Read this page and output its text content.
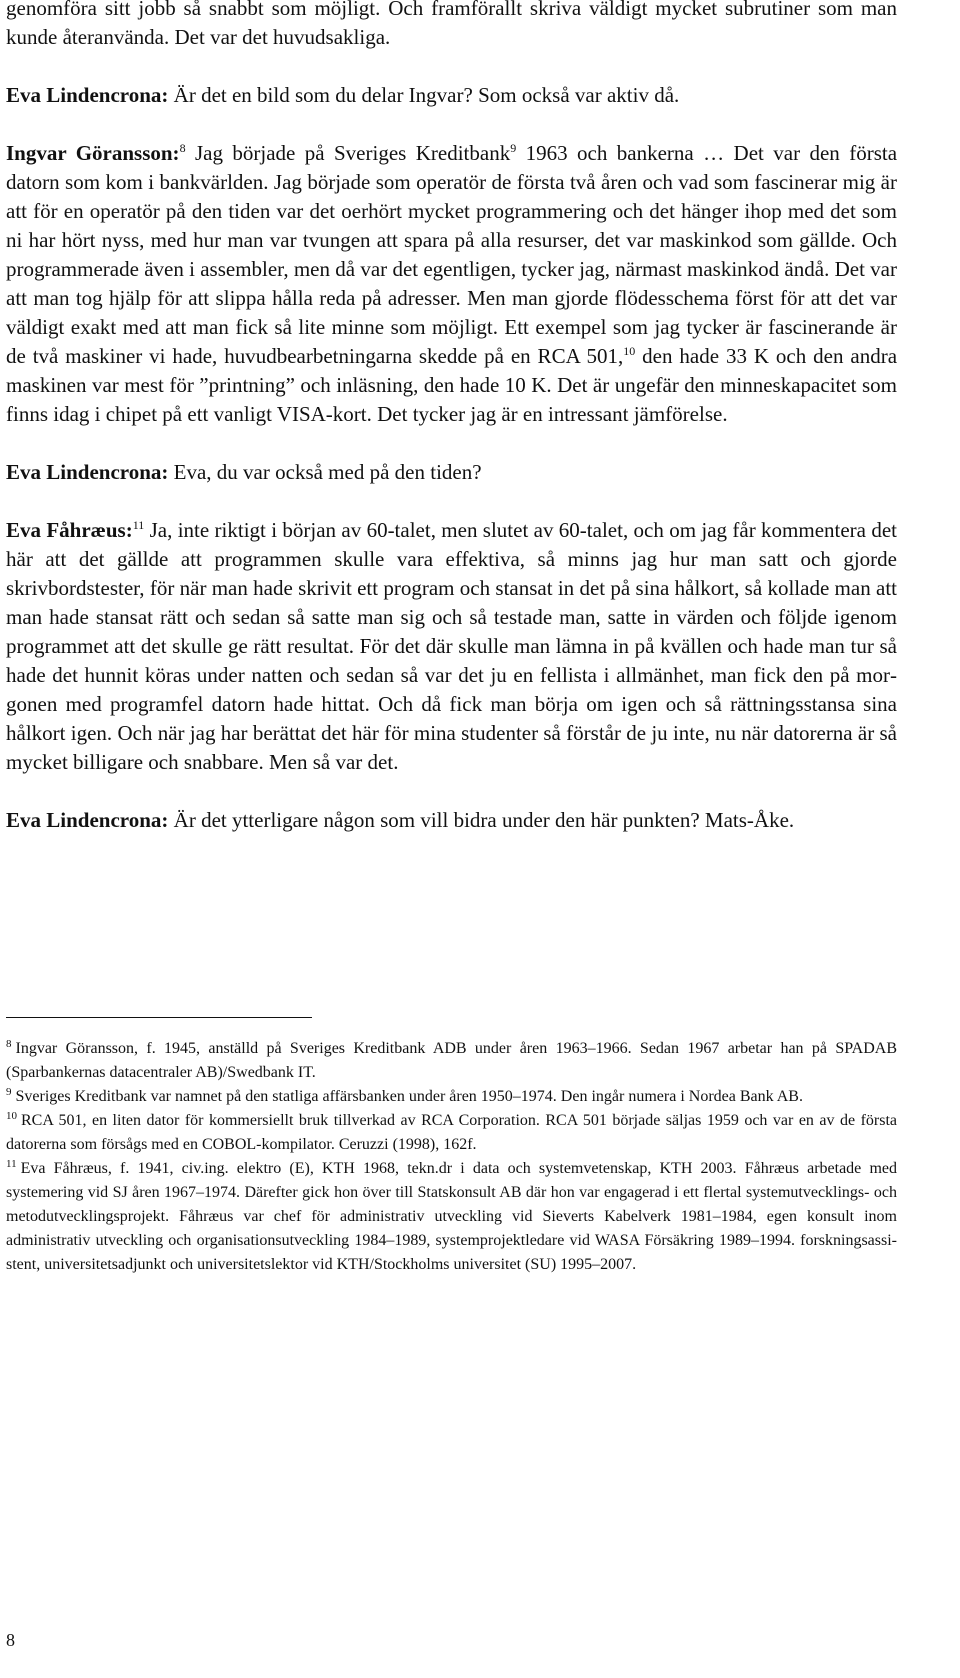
genomföra sitt jobb så snabbt som möjligt. Och framförallt skriva väldigt mycket subrutiner som man kunde återanvända. Det var det huvudsakliga.

Eva Lindencrona: Är det en bild som du delar Ingvar? Som också var aktiv då.

Ingvar Göransson:$^8$ Jag började på Sveriges Kreditbank$^9$ 1963 och bankerna … Det var den första datorn som kom i bankvärlden. Jag började som operatör de första två åren och vad som fascinerar mig är att för en operatör på den tiden var det oerhört mycket programmering och det hänger ihop med det som ni har hört nyss, med hur man var tvungen att spara på alla resurser, det var maskinkod som gällde. Och programmerade även i assembler, men då var det egentligen, tycker jag, närmast maskinkod ändå. Det var att man tog hjälp för att slippa hålla reda på adresser. Men man gjorde flödesschema först för att det var väldigt exakt med att man fick så lite minne som möjligt. Ett exempel som jag tycker är fascinerande är de två maskiner vi hade, huvudbearbetningarna skedde på en RCA 501,10 den hade 33 K och den andra maskinen var mest för ”printning” och inläsning, den hade 10 K. Det är ungefär den minneskapacitet som finns idag i chipet på ett vanligt VISA-kort. Det tycker jag är en intressant jämförelse.

Eva Lindencrona: Eva, du var också med på den tiden?

Eva Fåhræus:$^{11}$ Ja, inte riktigt i början av 60-talet, men slutet av 60-talet, och om jag får kommentera det här att det gällde att programmen skulle vara effektiva, så minns jag hur man satt och gjorde skrivbordstester, för när man hade skrivit ett program och stansat in det på sina hålkort, så kollade man att man hade stansat rätt och sedan så satte man sig och så testade man, satte in värden och följde igenom programmet att det skulle ge rätt resultat. För det där skulle man lämna in på kvällen och hade man tur så hade det hunnit köras under natten och sedan så var det ju en fellista i allmänhet, man fick den på morgonen med programfel datorn hade hittat. Och då fick man börja om igen och så rättningsstansa sina hålkort igen. Och när jag har berättat det här för mina studenter så förstår de ju inte, nu när datorerna är så mycket billigare och snabbare. Men så var det.

Eva Lindencrona: Är det ytterligare någon som vill bidra under den här punkten? Mats-Åke.

$^8$ Ingvar Göransson, f. 1945, anställd på Sveriges Kreditbank ADB under åren 1963–1966. Sedan 1967 arbetar han på SPADAB (Sparbankernas datacentraler AB)/Swedbank IT.

$^9$ Sveriges Kreditbank var namnet på den statliga affärsbanken under åren 1950–1974. Den ingår numera i Nordea Bank AB.

$^{10}$ RCA 501, en liten dator för kommersiellt bruk tillverkad av RCA Corporation. RCA 501 började säljas 1959 och var en av de första datorerna som försågs med en COBOL-kompilator. Ceruzzi (1998), 162f.

$^{11}$ Eva Fåhræus, f. 1941, civ.ing. elektro (E), KTH 1968, tekn.dr i data och systemvetenskap, KTH 2003. Fåhræus arbetade med systemering vid SJ åren 1967–1974. Därefter gick hon över till Statskonsult AB där hon var engagerad i ett flertal systemutvecklings- och metodutvecklingsprojekt. Fåhræus var chef för administrativ utveckling vid Sieverts Kabelverk 1981–1984, egen konsult inom administrativ utveckling och organisationsutveckling 1984–1989, systemprojektledare vid WASA Försäkring 1989–1994. forskningsassistent, universitetsadjunkt och universitetslektor vid KTH/Stockholms universitet (SU) 1995–2007.

8
